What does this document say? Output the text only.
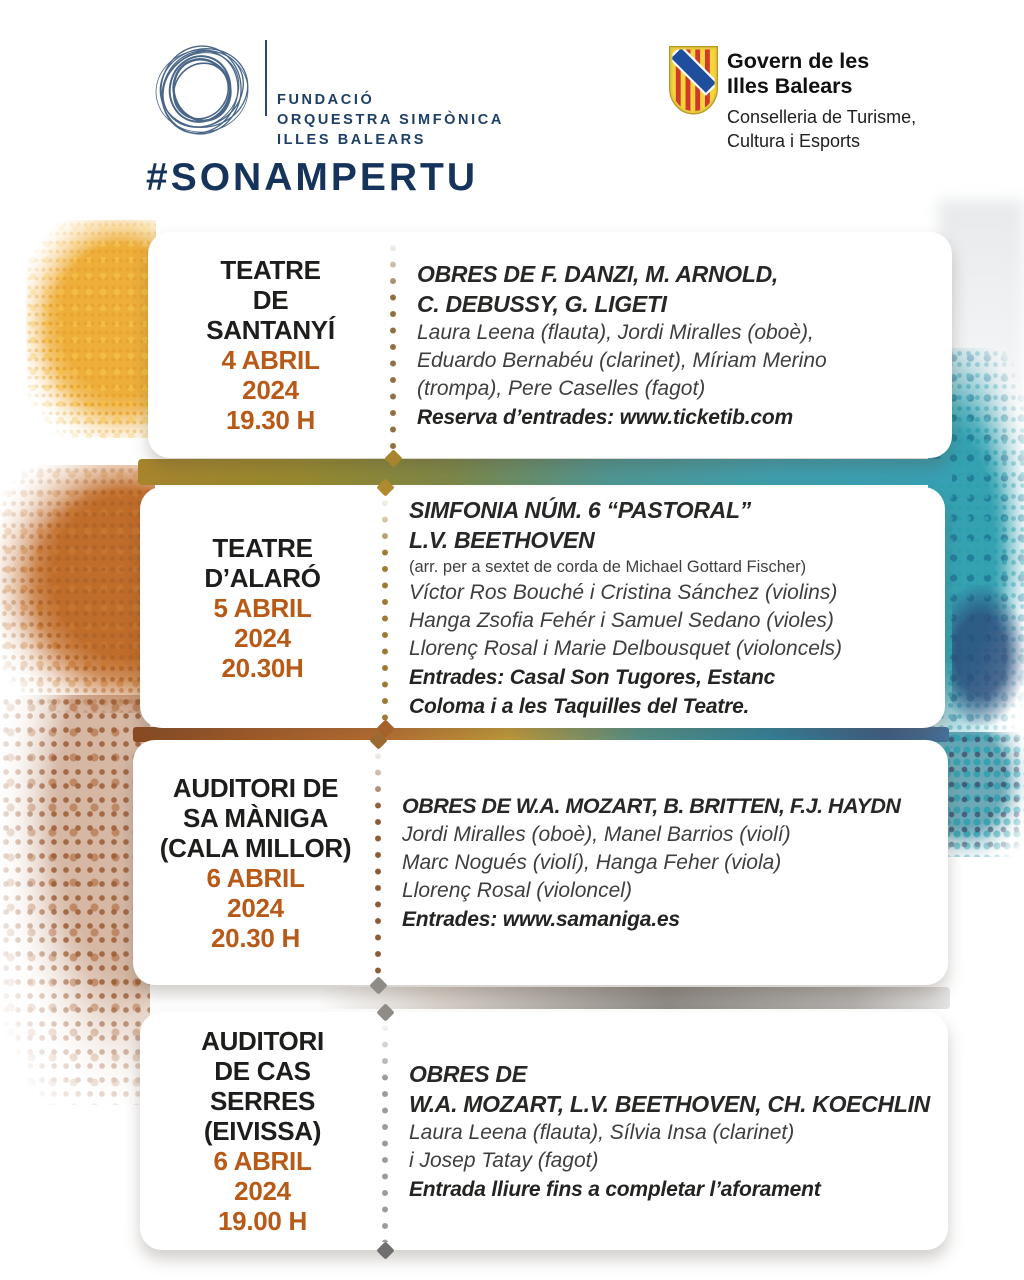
FUNDACIÓ
ORQUESTRA SIMFÒNICA
ILLES BALEARS
#SONAMPERTU
Govern de les
Illes Balears
Conselleria de Turisme,
Cultura i Esports
TEATRE
DE
SANTANYÍ
4 ABRIL
2024
19.30 H
OBRES DE F. DANZI, M. ARNOLD,
C. DEBUSSY, G. LIGETI
Laura Leena (flauta), Jordi Miralles (oboè),
Eduardo Bernabéu (clarinet), Míriam Merino
(trompa), Pere Caselles (fagot)
Reserva d’entrades: www.ticketib.com
TEATRE
D’ALARÓ
5 ABRIL
2024
20.30H
SIMFONIA NÚM. 6 “PASTORAL”
L.V. BEETHOVEN
(arr. per a sextet de corda de Michael Gottard Fischer)
Víctor Ros Bouché i Cristina Sánchez (violins)
Hanga Zsofia Fehér i Samuel Sedano (violes)
Llorenç Rosal i Marie Delbousquet (violoncels)
Entrades: Casal Son Tugores, Estanc
Coloma i a les Taquilles del Teatre.
AUDITORI DE
SA MÀNIGA
(CALA MILLOR)
6 ABRIL
2024
20.30 H
OBRES DE W.A. MOZART, B. BRITTEN, F.J. HAYDN
Jordi Miralles (oboè), Manel Barrios (violí)
Marc Nogués (violí), Hanga Feher (viola)
Llorenç Rosal (violoncel)
Entrades: www.samaniga.es
AUDITORI
DE CAS
SERRES
(EIVISSA)
6 ABRIL
2024
19.00 H
OBRES DE
W.A. MOZART, L.V. BEETHOVEN, CH. KOECHLIN
Laura Leena (flauta), Sílvia Insa (clarinet)
i Josep Tatay (fagot)
Entrada lliure fins a completar l’aforament
